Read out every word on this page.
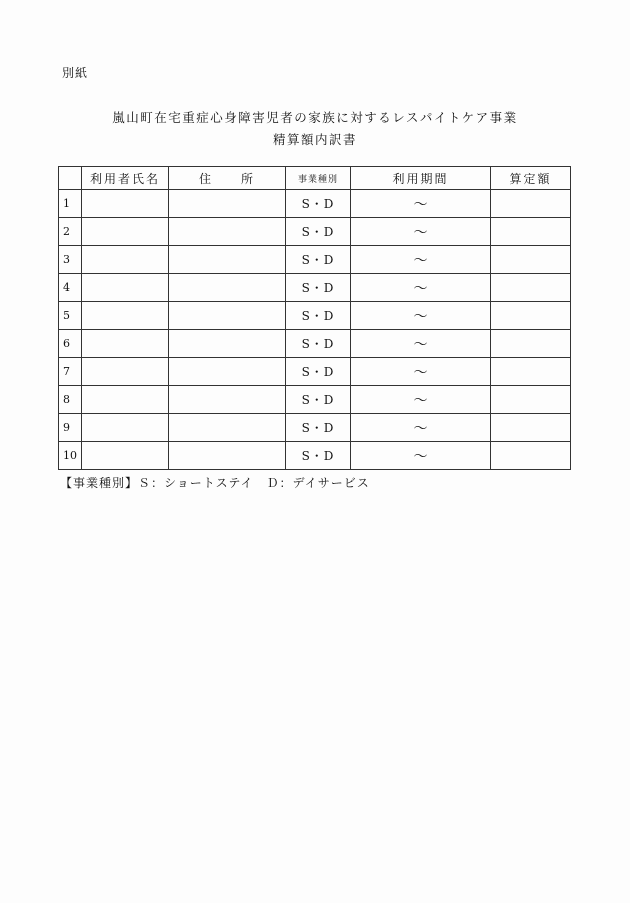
別紙
嵐山町在宅重症心身障害児者の家族に対するレスパイトケア事業
精算額内訳書
	利用者氏名	住　　所	事業種別	利用期間	算定額
1			S・D	～	
2			S・D	～	
3			S・D	～	
4			S・D	～	
5			S・D	～	
6			S・D	～	
7			S・D	～	
8			S・D	～	
9			S・D	～	
10			S・D	～	
【事業種別】Ｓ：ショートステイ　Ｄ：デイサービス
